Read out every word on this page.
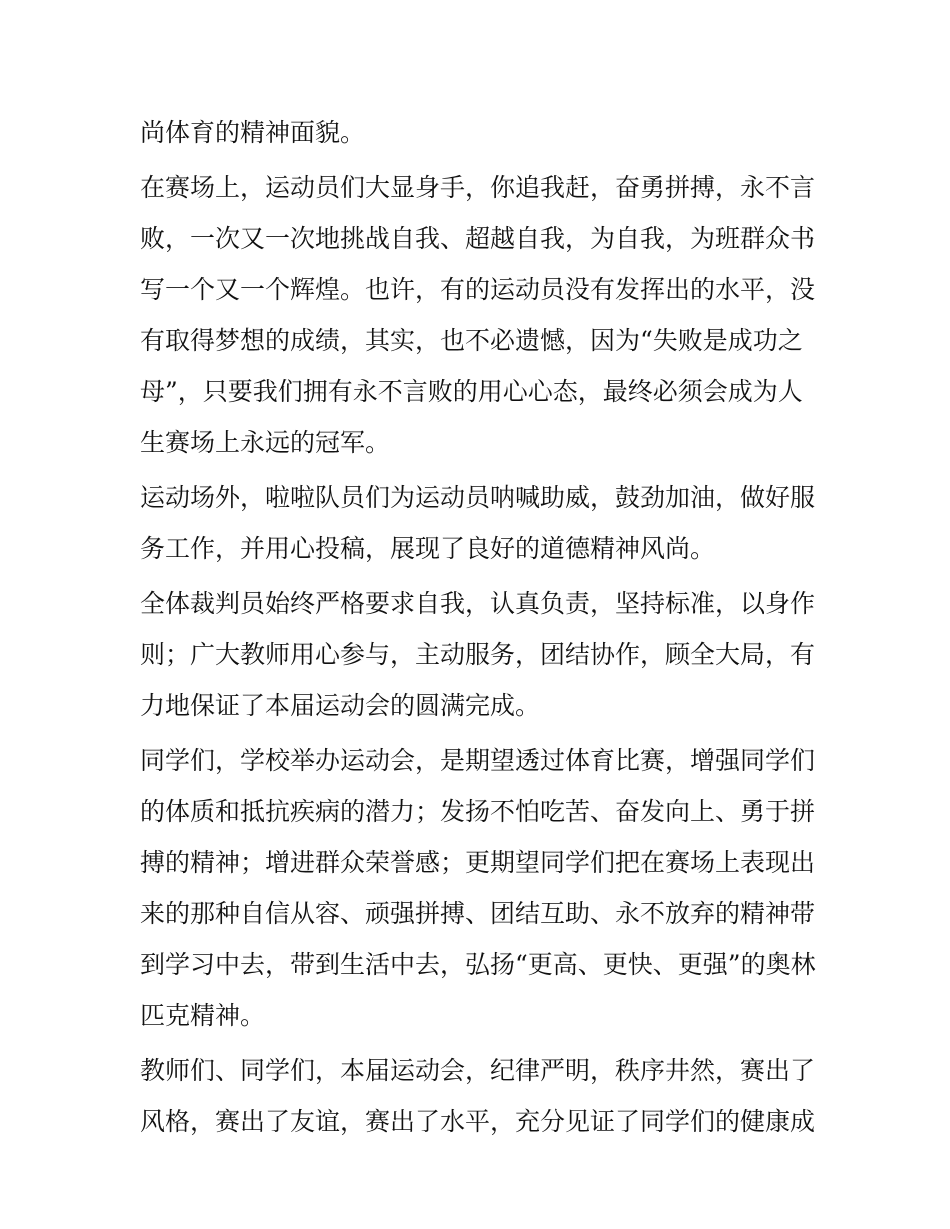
尚体育的精神面貌。
在赛场上，运动员们大显身手，你追我赶，奋勇拼搏，永不言
败，一次又一次地挑战自我、超越自我，为自我，为班群众书
写一个又一个辉煌。也许，有的运动员没有发挥出的水平，没
有取得梦想的成绩，其实，也不必遗憾，因为“失败是成功之
母”，只要我们拥有永不言败的用心心态，最终必须会成为人
生赛场上永远的冠军。
运动场外，啦啦队员们为运动员呐喊助威，鼓劲加油，做好服
务工作，并用心投稿，展现了良好的道德精神风尚。
全体裁判员始终严格要求自我，认真负责，坚持标准，以身作
则；广大教师用心参与，主动服务，团结协作，顾全大局，有
力地保证了本届运动会的圆满完成。
同学们，学校举办运动会，是期望透过体育比赛，增强同学们
的体质和抵抗疾病的潜力；发扬不怕吃苦、奋发向上、勇于拼
搏的精神；增进群众荣誉感；更期望同学们把在赛场上表现出
来的那种自信从容、顽强拼搏、团结互助、永不放弃的精神带
到学习中去，带到生活中去，弘扬“更高、更快、更强”的奥林
匹克精神。
教师们、同学们，本届运动会，纪律严明，秩序井然，赛出了
风格，赛出了友谊，赛出了水平，充分见证了同学们的健康成
